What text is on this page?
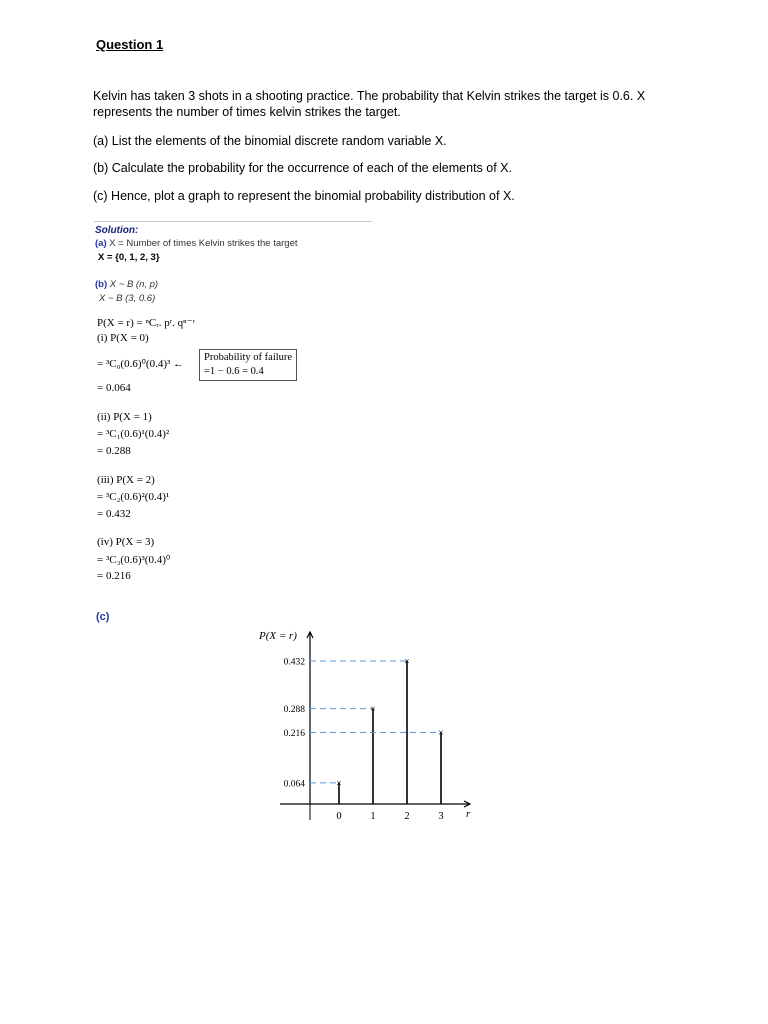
Question 1
Kelvin has taken 3 shots in a shooting practice. The probability that Kelvin strikes the target is 0.6. X
represents the number of times kelvin strikes the target.
(a) List the elements of the binomial discrete random variable X.
(b) Calculate the probability for the occurrence of each of the elements of X.
(c) Hence, plot a graph to represent the binomial probability distribution of X.
Solution:
(a) X = Number of times Kelvin strikes the target
X = {0, 1, 2, 3}
(b) X ~ B (n, p)
X ~ B (3, 0.6)
P(X = r) = ⁿCᵣ. pʳ. qⁿ⁻ʳ
(i) P(X = 0)
= ³C₀(0.6)⁰(0.4)³ ←
Probability of failure
=1 − 0.6 = 0.4
= 0.064
(ii) P(X = 1)
= ³C₁(0.6)¹(0.4)²
= 0.288
(iii) P(X = 2)
= ³C₂(0.6)²(0.4)¹
= 0.432
(iv) P(X = 3)
= ³C₃(0.6)³(0.4)⁰
= 0.216
(c)
P(X = r)
r
×
0
×
1
×
2
×
3
0.432
0.288
0.216
0.064
